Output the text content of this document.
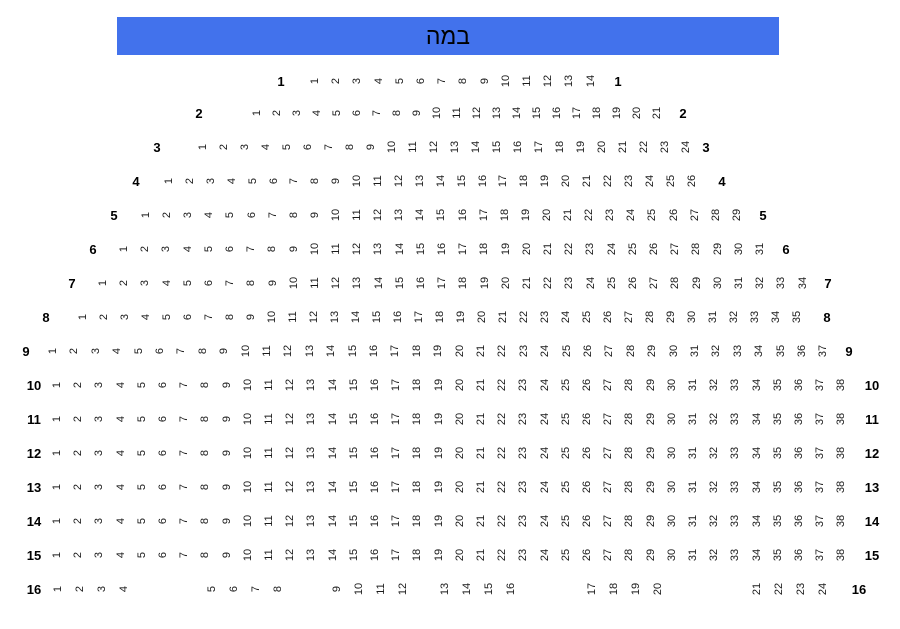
במה
1	1 2 3 4 5 6 7 8 9 10 11 12 13 14	1
2	1 2 3 4 5 6 7 8 9 10 11 12 13 14 15 16 17 18 19 20 21	2
3	1 2 3 4 5 6 7 8 9 10 11 12 13 14 15 16 17 18 19 20 21 22 23 24 3
4	1 2 3 4 5 6 7 8 9 10 11 12 13 14 15 16 17 18 19 20 21 22 23 24 25 26	4
5	1 2 3 4 5 6 7 8 9 10 11 12 13 14 15 16 17 18 19 20 21 22 23 24 25 26 27 28 29	5
6	1 2 3 4 5 6 7 8 9 10 11 12 13 14 15 16 17 18 19 20 21 22 23 24 25 26 27 28 29 30 31	6
7	1 2 3 4 5 6 7 8 9 10 11 12 13 14 15 16 17 18 19 20 21 22 23 24 25 26 27 28 29 30 31 32 33 34	7
8	1 2 3 4 5 6 7 8 9 10 11 12 13 14 15 16 17 18 19 20 21 22 23 24 25 26 27 28 29 30 31 32 33 34 35	8
9	1 2 3 4 5 6 7 8 9 10 11 12 13 14 15 16 17 18 19 20 21 22 23 24 25 26 27 28 29 30 31 32 33 34 35 36 37	9
10 1 2 3 4 5 6 7 8 9 10 11 12 13 14 15 16 17 18 19 20 21 22 23 24 25 26 27 28 29 30 31 32 33 34 35 36 37 38	10
11 1 2 3 4 5 6 7 8 9 10 11 12 13 14 15 16 17 18 19 20 21 22 23 24 25 26 27 28 29 30 31 32 33 34 35 36 37 38	11
12 1 2 3 4 5 6 7 8 9 10 11 12 13 14 15 16 17 18 19 20 21 22 23 24 25 26 27 28 29 30 31 32 33 34 35 36 37 38	12
13 1 2 3 4 5 6 7 8 9 10 11 12 13 14 15 16 17 18 19 20 21 22 23 24 25 26 27 28 29 30 31 32 33 34 35 36 37 38	13
14 1 2 3 4 5 6 7 8 9 10 11 12 13 14 15 16 17 18 19 20 21 22 23 24 25 26 27 28 29 30 31 32 33 34 35 36 37 38	14
15 1 2 3 4 5 6 7 8 9 10 11 12 13 14 15 16 17 18 19 20 21 22 23 24 25 26 27 28 29 30 31 32 33 34 35 36 37 38	15
16 1 2 3 4	5 6 7 8	9 10 11 12	13 14 15 16	17 18 19 20	21 22 23 24	16
